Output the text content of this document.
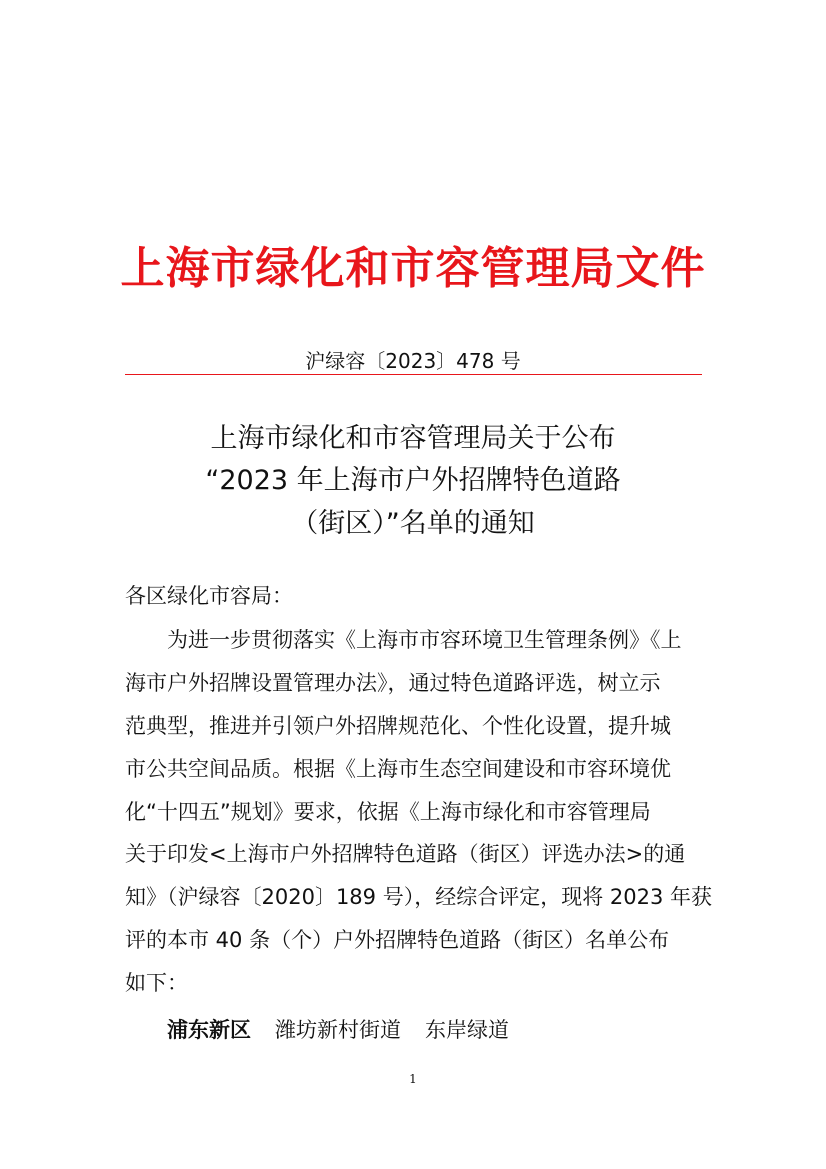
上海市绿化和市容管理局文件
沪绿容〔2023〕478 号
上海市绿化和市容管理局关于公布
“2023 年上海市户外招牌特色道路
（街区）”名单的通知
各区绿化市容局：
　　为进一步贯彻落实《上海市市容环境卫生管理条例》《上
海市户外招牌设置管理办法》，通过特色道路评选，树立示
范典型，推进并引领户外招牌规范化、个性化设置，提升城
市公共空间品质。根据《上海市生态空间建设和市容环境优
化“十四五”规划》要求，依据《上海市绿化和市容管理局
关于印发<上海市户外招牌特色道路（街区）评选办法>的通
知》（沪绿容〔2020〕189 号），经综合评定，现将 2023 年获
评的本市 40 条（个）户外招牌特色道路（街区）名单公布
如下：
浦东新区 潍坊新村街道 东岸绿道
1
